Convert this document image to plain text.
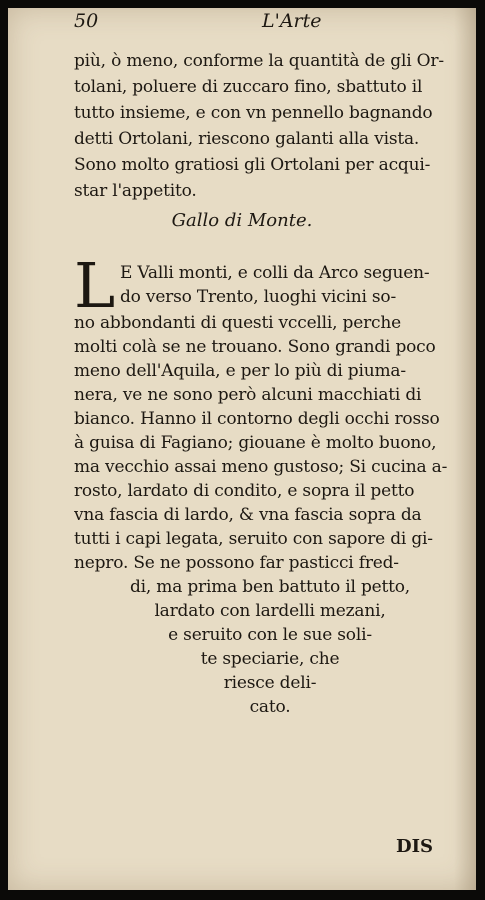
50	L'Arte
più, ò meno, conforme la quantità de gli Or-
tolani, poluere di zuccaro fino, sbattuto il
tutto insieme, e con vn pennello bagnando
detti Ortolani, riescono galanti alla vista.
Sono molto gratiosi gli Ortolani per acqui-
star l'appetito.
Gallo di Monte.
L E Valli monti, e colli da Arco seguen-
do verso Trento, luoghi vicini so-
no abbondanti di questi vccelli, perche
molti colà se ne trouano. Sono grandi poco
meno dell'Aquila, e per lo più di piuma-
nera, ve ne sono però alcuni macchiati di
bianco. Hanno il contorno degli occhi rosso
à guisa di Fagiano; giouane è molto buono,
ma vecchio assai meno gustoso; Si cucina a-
rosto, lardato di condito, e sopra il petto
vna fascia di lardo, & vna fascia sopra da
tutti i capi legata, seruito con sapore di gi-
nepro. Se ne possono far pasticci fred-
di, ma prima ben battuto il petto,
lardato con lardelli mezani,
e seruito con le sue soli-
te speciarie, che
riesce deli-
cato.
DIS
